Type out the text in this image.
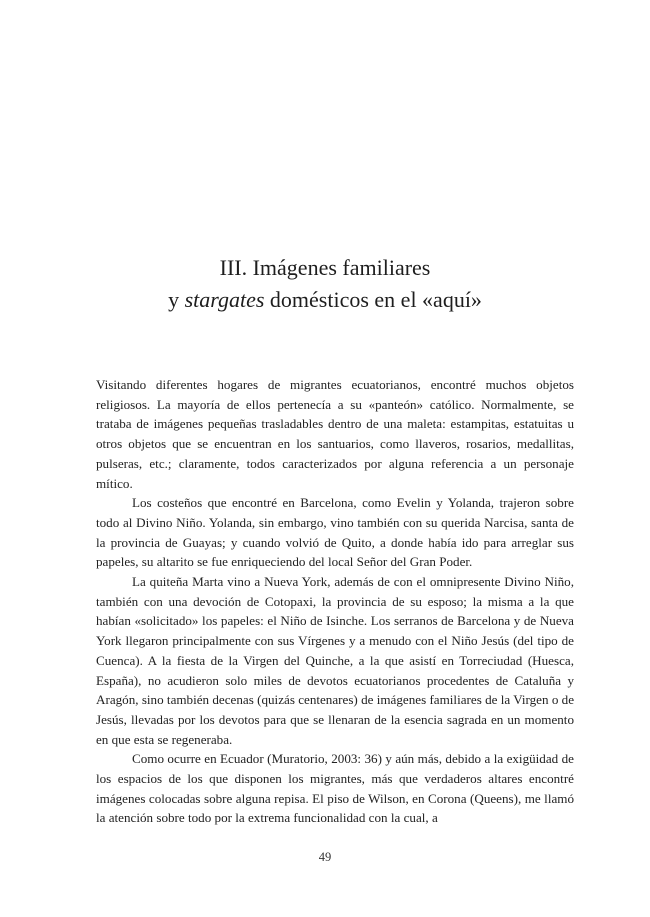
III. Imágenes familiares
y stargates domésticos en el «aquí»

Visitando diferentes hogares de migrantes ecuatorianos, encontré muchos objetos religiosos. La mayoría de ellos pertenecía a su «panteón» católico. Normalmente, se trataba de imágenes pequeñas trasladables dentro de una maleta: estampitas, estatuitas u otros objetos que se encuentran en los santuarios, como llaveros, rosarios, medallitas, pulseras, etc.; claramente, todos caracterizados por alguna referencia a un personaje mítico.

Los costeños que encontré en Barcelona, como Evelin y Yolanda, trajeron sobre todo al Divino Niño. Yolanda, sin embargo, vino también con su querida Narcisa, santa de la provincia de Guayas; y cuando volvió de Quito, a donde había ido para arreglar sus papeles, su altarito se fue enriqueciendo del local Señor del Gran Poder.

La quiteña Marta vino a Nueva York, además de con el omnipresente Divino Niño, también con una devoción de Cotopaxi, la provincia de su esposo; la misma a la que habían «solicitado» los papeles: el Niño de Isinche. Los serranos de Barcelona y de Nueva York llegaron principalmente con sus Vírgenes y a menudo con el Niño Jesús (del tipo de Cuenca). A la fiesta de la Virgen del Quinche, a la que asistí en Torreciudad (Huesca, España), no acudieron solo miles de devotos ecuatorianos procedentes de Cataluña y Aragón, sino también decenas (quizás centenares) de imágenes familiares de la Virgen o de Jesús, llevadas por los devotos para que se llenaran de la esencia sagrada en un momento en que esta se regeneraba.

Como ocurre en Ecuador (Muratorio, 2003: 36) y aún más, debido a la exigüidad de los espacios de los que disponen los migrantes, más que verdaderos altares encontré imágenes colocadas sobre alguna repisa. El piso de Wilson, en Corona (Queens), me llamó la atención sobre todo por la extrema funcionalidad con la cual, a

49
